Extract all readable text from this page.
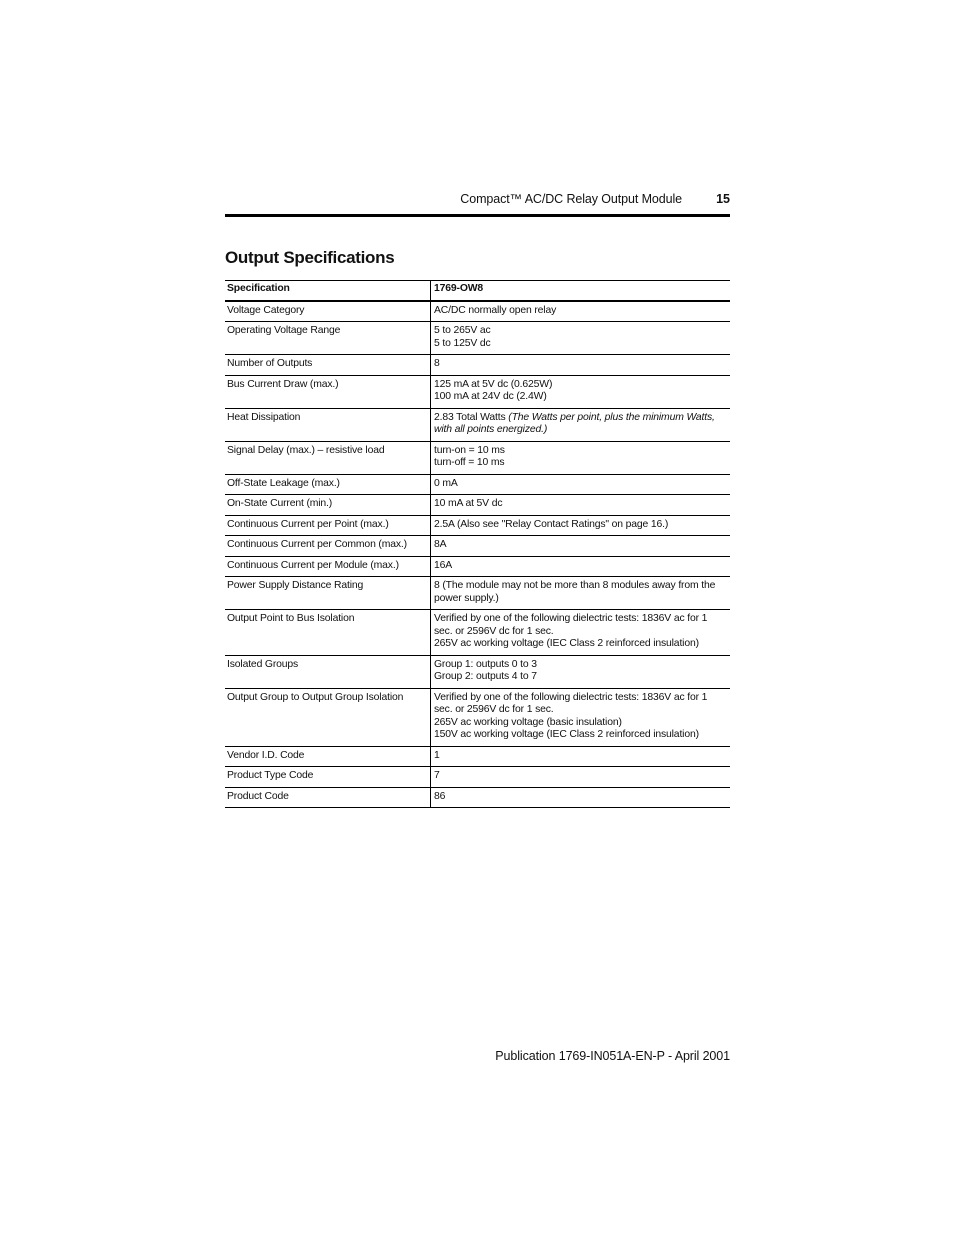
Compact™ AC/DC Relay Output Module	15
Output Specifications
Specification	1769-OW8
Voltage Category	AC/DC normally open relay

Operating Voltage Range	5 to 265V ac
5 to 125V dc

Number of Outputs	8

Bus Current Draw (max.)	125 mA at 5V dc (0.625W)
100 mA at 24V dc (2.4W)

Heat Dissipation	2.83 Total Watts (The Watts per point, plus the minimum Watts, with all points energized.)
Signal Delay (max.) – resistive load	turn-on = 10 ms
turn-off = 10 ms

Off-State Leakage (max.)	0 mA

On-State Current (min.)	10 mA at 5V dc

Continuous Current per Point (max.)	2.5A (Also see "Relay Contact Ratings" on page 16.)

Continuous Current per Common (max.)	8A

Continuous Current per Module (max.)	16A

Power Supply Distance Rating	8 (The module may not be more than 8 modules away from the power supply.)

Output Point to Bus Isolation	Verified by one of the following dielectric tests: 1836V ac for 1 sec. or 2596V dc for 1 sec.
265V ac working voltage (IEC Class 2 reinforced insulation)

Isolated Groups	Group 1: outputs 0 to 3
Group 2: outputs 4 to 7

Output Group to Output Group Isolation	Verified by one of the following dielectric tests: 1836V ac for 1 sec. or 2596V dc for 1 sec.
265V ac working voltage (basic insulation)
150V ac working voltage (IEC Class 2 reinforced insulation)

Vendor I.D. Code	1

Product Type Code	7

Product Code	86
Publication 1769-IN051A-EN-P - April 2001
